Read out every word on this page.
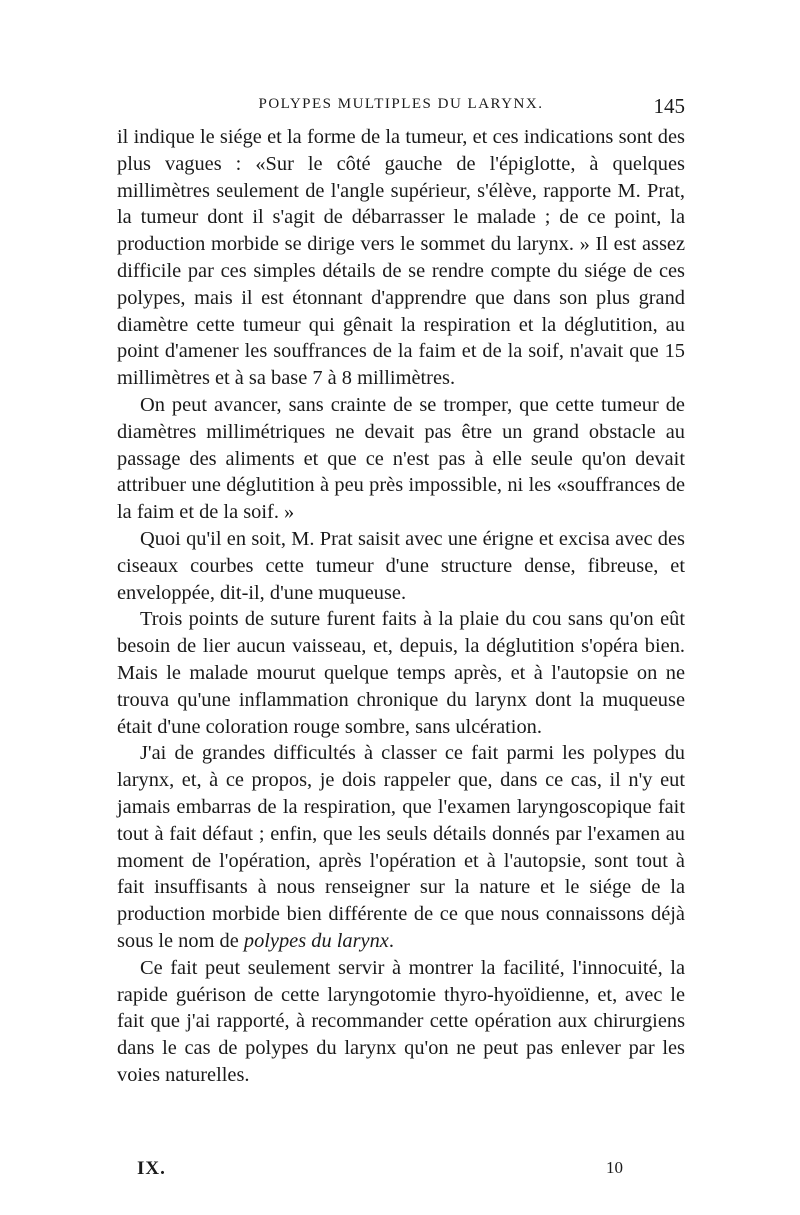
POLYPES MULTIPLES DU LARYNX.	145

il indique le siége et la forme de la tumeur, et ces indications sont des plus vagues : «Sur le côté gauche de l'épiglotte, à quelques millimètres seulement de l'angle supérieur, s'élève, rapporte M. Prat, la tumeur dont il s'agit de débarrasser le malade ; de ce point, la production morbide se dirige vers le sommet du larynx. » Il est assez difficile par ces simples détails de se rendre compte du siége de ces polypes, mais il est étonnant d'apprendre que dans son plus grand diamètre cette tumeur qui gênait la respiration et la déglutition, au point d'amener les souffrances de la faim et de la soif, n'avait que 15 millimètres et à sa base 7 à 8 millimètres.

On peut avancer, sans crainte de se tromper, que cette tumeur de diamètres millimétriques ne devait pas être un grand obstacle au passage des aliments et que ce n'est pas à elle seule qu'on devait attribuer une déglutition à peu près impossible, ni les «souffrances de la faim et de la soif. »

Quoi qu'il en soit, M. Prat saisit avec une érigne et excisa avec des ciseaux courbes cette tumeur d'une structure dense, fibreuse, et enveloppée, dit-il, d'une muqueuse.

Trois points de suture furent faits à la plaie du cou sans qu'on eût besoin de lier aucun vaisseau, et, depuis, la déglutition s'opéra bien. Mais le malade mourut quelque temps après, et à l'autopsie on ne trouva qu'une inflammation chronique du larynx dont la muqueuse était d'une coloration rouge sombre, sans ulcération.

J'ai de grandes difficultés à classer ce fait parmi les polypes du larynx, et, à ce propos, je dois rappeler que, dans ce cas, il n'y eut jamais embarras de la respiration, que l'examen laryngoscopique fait tout à fait défaut ; enfin, que les seuls détails donnés par l'examen au moment de l'opération, après l'opération et à l'autopsie, sont tout à fait insuffisants à nous renseigner sur la nature et le siége de la production morbide bien différente de ce que nous connaissons déjà sous le nom de polypes du larynx.

Ce fait peut seulement servir à montrer la facilité, l'innocuité, la rapide guérison de cette laryngotomie thyro-hyoïdienne, et, avec le fait que j'ai rapporté, à recommander cette opération aux chirurgiens dans le cas de polypes du larynx qu'on ne peut pas enlever par les voies naturelles.

IX.	10
